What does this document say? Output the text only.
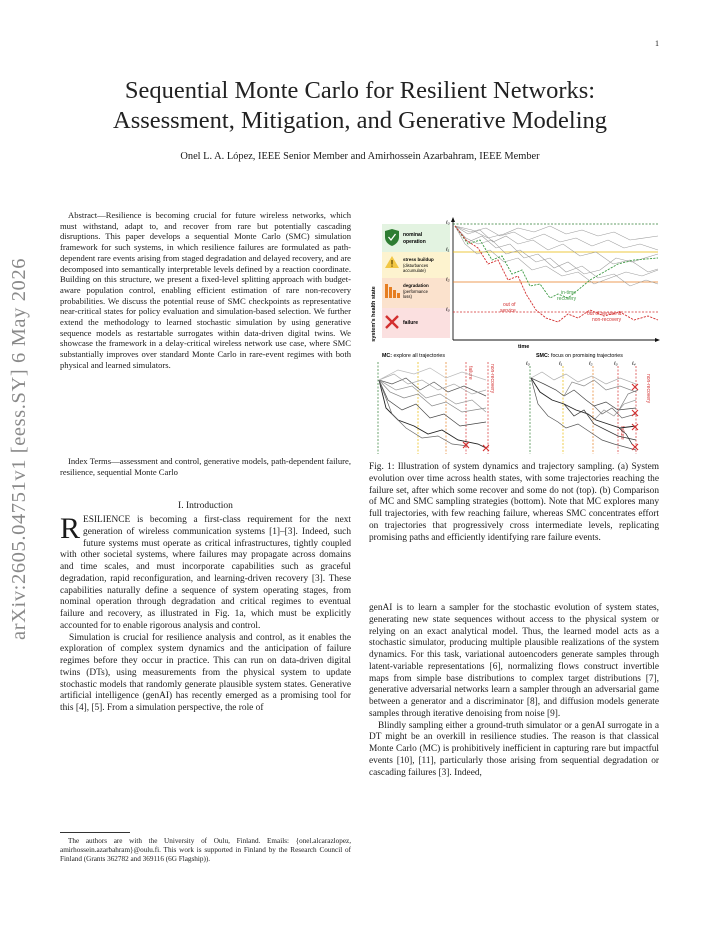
1
arXiv:2605.04751v1 [eess.SY] 6 May 2026
Sequential Monte Carlo for Resilient Networks:
Assessment, Mitigation, and Generative Modeling
Onel L. A. López, IEEE Senior Member and Amirhossein Azarbahram, IEEE Member

Abstract—Resilience is becoming crucial for future wireless networks, which must withstand, adapt to, and recover from rare but potentially cascading disruptions. This paper develops a sequential Monte Carlo (SMC) simulation framework for such systems, in which resilience failures are formulated as path-dependent rare events arising from staged degradation and delayed recovery, and are decomposed into semantically interpretable levels defined by a reaction coordinate. Building on this structure, we present a fixed-level splitting approach with budget-aware population control, enabling efficient estimation of rare non-recovery probabilities. We discuss the potential reuse of SMC checkpoints as representative near-critical states for policy evaluation and simulation-based selection. We further extend the methodology to learned stochastic simulation by using generative sequence models as restartable surrogates within data-driven digital twins. We showcase the framework in a delay-critical wireless network use case, where SMC substantially improves over standard Monte Carlo in rare-event regimes with both physical and learned simulators.

Index Terms—assessment and control, generative models, path-dependent failure, resilience, sequential Monte Carlo
I. Introduction

RESILIENCE is becoming a first-class requirement for the next generation of wireless communication systems [1]–[3]. Indeed, such future systems must operate as critical infrastructures, tightly coupled with other societal systems, where failures may propagate across domains and time scales, and must incorporate capabilities such as graceful degradation, rapid reconfiguration, and learning-driven recovery [3]. These capabilities naturally define a sequence of system operating stages, from nominal operation through degradation and critical regimes to eventual failure and recovery, as illustrated in Fig. 1a, which must be explicitly accounted for to enable rigorous analysis and control.

Simulation is crucial for resilience analysis and control, as it enables the exploration of complex system dynamics and the anticipation of failure regimes before they occur in practice. This can run on data-driven digital twins (DTs), using measurements from the physical system to update stochastic models that randomly generate plausible system states. Generative artificial intelligence (genAI) has recently emerged as a promising tool for this [4], [5]. From a simulation perspective, the role of

The authors are with the University of Oulu, Finland. Emails: {onel.alcarazlopez, amirhossein.azarbahram}@oulu.fi. This work is supported in Finland by the Research Council of Finland (Grants 362782 and 369116 (6G Flagship)).

system's health state
nominal
operation
stress buildup
(disturbances accumulate)
degradation
(performance loss)
failure
time
ℓ₀
ℓ₁
ℓ₂
ℓ₃
out of service
in-time recovery
out of service & non-recovery
MC: explore all trajectories
failure	non-recovery
SMC: focus on promising trajectories
ℓ₀	ℓ₁	ℓ₂	ℓ₃	ℓ₄
failure
non-recovery

Fig. 1: Illustration of system dynamics and trajectory sampling. (a) System evolution over time across health states, with some trajectories reaching the failure set, after which some recover and some do not (top). (b) Comparison of MC and SMC sampling strategies (bottom). Note that MC explores many full trajectories, with few reaching failure, whereas SMC concentrates effort on trajectories that progressively cross intermediate levels, replicating promising paths and efficiently identifying rare failure events.

genAI is to learn a sampler for the stochastic evolution of system states, generating new state sequences without access to the physical system or relying on an exact analytical model. Thus, the learned model acts as a stochastic simulator, producing multiple plausible realizations of the system dynamics. For this task, variational autoencoders generate samples through latent-variable representations [6], normalizing flows construct invertible maps from simple base distributions to complex target distributions [7], generative adversarial networks learn a sampler through an adversarial game between a generator and a discriminator [8], and diffusion models generate samples through iterative denoising from noise [9].

Blindly sampling either a ground-truth simulator or a genAI surrogate in a DT might be an overkill in resilience studies. The reason is that classical Monte Carlo (MC) is prohibitively inefficient in capturing rare but impactful events [10], [11], particularly those arising from sequential degradation or cascading failures [3]. Indeed,
